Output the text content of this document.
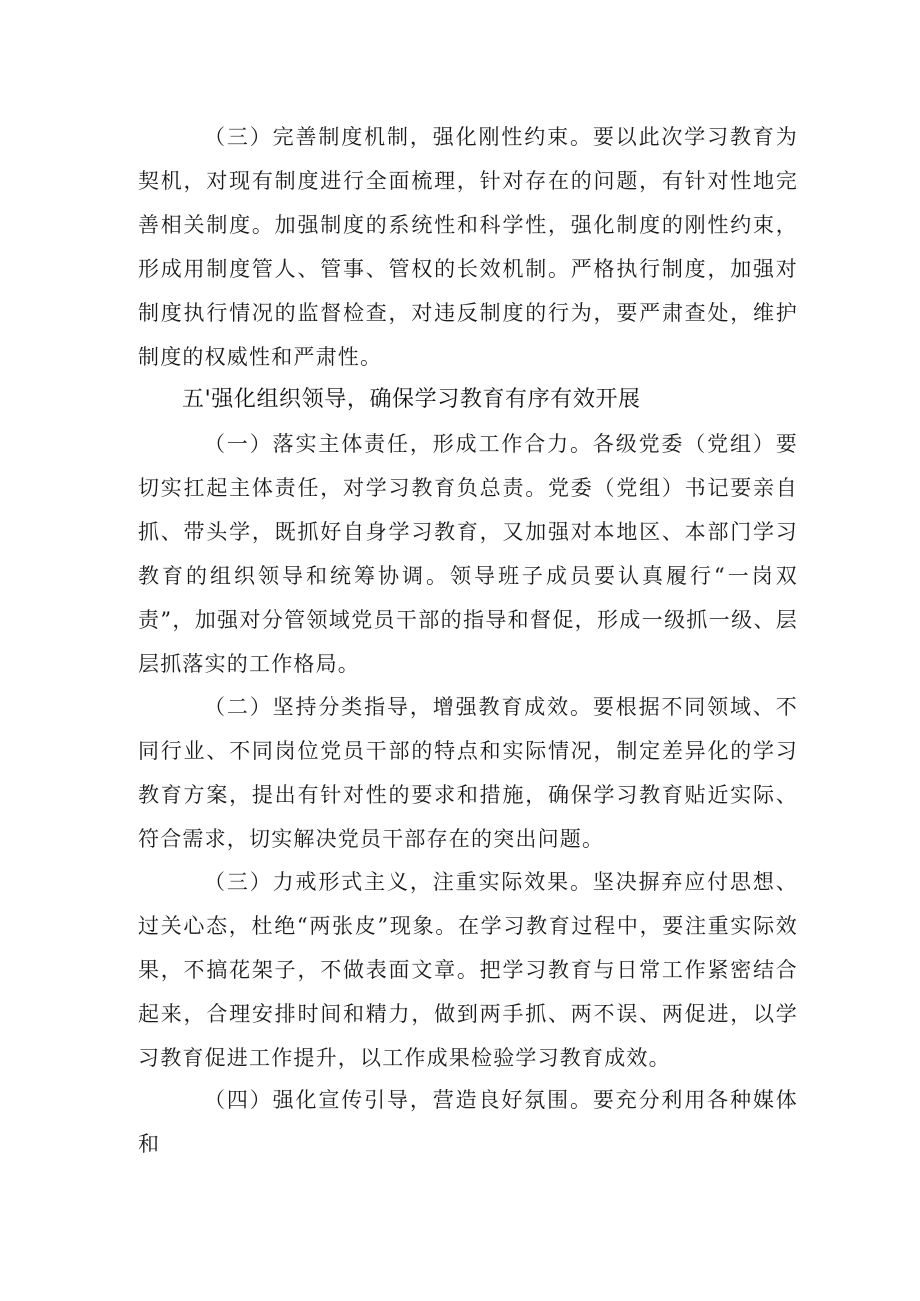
（三）完善制度机制，强化刚性约束。要以此次学习教育为契机，对现有制度进行全面梳理，针对存在的问题，有针对性地完善相关制度。加强制度的系统性和科学性，强化制度的刚性约束，形成用制度管人、管事、管权的长效机制。严格执行制度，加强对制度执行情况的监督检查，对违反制度的行为，要严肃查处，维护制度的权威性和严肃性。

五'强化组织领导，确保学习教育有序有效开展

（一）落实主体责任，形成工作合力。各级党委（党组）要切实扛起主体责任，对学习教育负总责。党委（党组）书记要亲自抓、带头学，既抓好自身学习教育，又加强对本地区、本部门学习教育的组织领导和统筹协调。领导班子成员要认真履行“一岗双责”，加强对分管领域党员干部的指导和督促，形成一级抓一级、层层抓落实的工作格局。

（二）坚持分类指导，增强教育成效。要根据不同领域、不同行业、不同岗位党员干部的特点和实际情况，制定差异化的学习教育方案，提出有针对性的要求和措施，确保学习教育贴近实际、符合需求，切实解决党员干部存在的突出问题。

（三）力戒形式主义，注重实际效果。坚决摒弃应付思想、过关心态，杜绝“两张皮”现象。在学习教育过程中，要注重实际效果，不搞花架子，不做表面文章。把学习教育与日常工作紧密结合起来，合理安排时间和精力，做到两手抓、两不误、两促进，以学习教育促进工作提升，以工作成果检验学习教育成效。

（四）强化宣传引导，营造良好氛围。要充分利用各种媒体和
